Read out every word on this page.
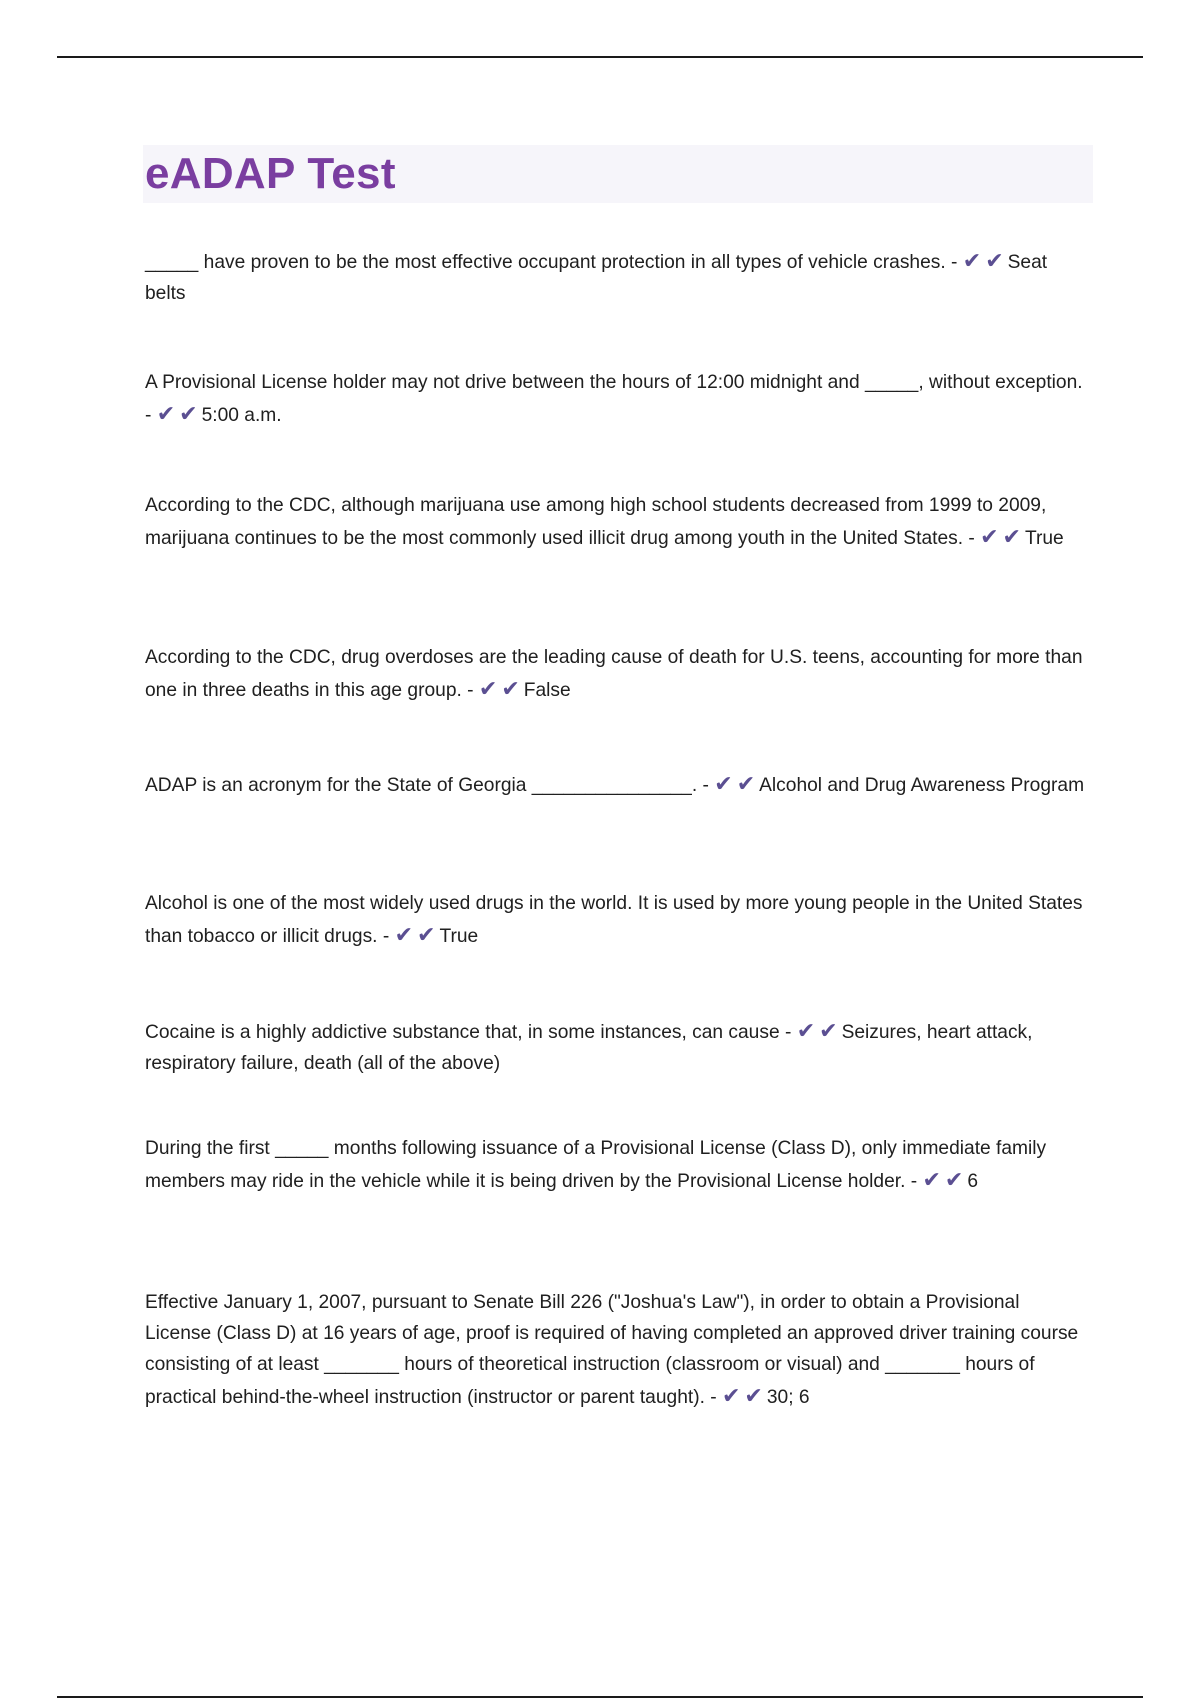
eADAP Test
_____ have proven to be the most effective occupant protection in all types of vehicle crashes. - ✔ ✔ Seat belts
A Provisional License holder may not drive between the hours of 12:00 midnight and _____, without exception. - ✔ ✔ 5:00 a.m.
According to the CDC, although marijuana use among high school students decreased from 1999 to 2009, marijuana continues to be the most commonly used illicit drug among youth in the United States. - ✔ ✔ True
According to the CDC, drug overdoses are the leading cause of death for U.S. teens, accounting for more than one in three deaths in this age group. - ✔ ✔ False
ADAP is an acronym for the State of Georgia _______________. - ✔ ✔ Alcohol and Drug Awareness Program
Alcohol is one of the most widely used drugs in the world. It is used by more young people in the United States than tobacco or illicit drugs. - ✔ ✔ True
Cocaine is a highly addictive substance that, in some instances, can cause - ✔ ✔ Seizures, heart attack, respiratory failure, death (all of the above)
During the first _____ months following issuance of a Provisional License (Class D), only immediate family members may ride in the vehicle while it is being driven by the Provisional License holder. - ✔ ✔ 6
Effective January 1, 2007, pursuant to Senate Bill 226 ("Joshua's Law"), in order to obtain a Provisional License (Class D) at 16 years of age, proof is required of having completed an approved driver training course consisting of at least _______ hours of theoretical instruction (classroom or visual) and _______ hours of practical behind-the-wheel instruction (instructor or parent taught). - ✔ ✔ 30; 6
